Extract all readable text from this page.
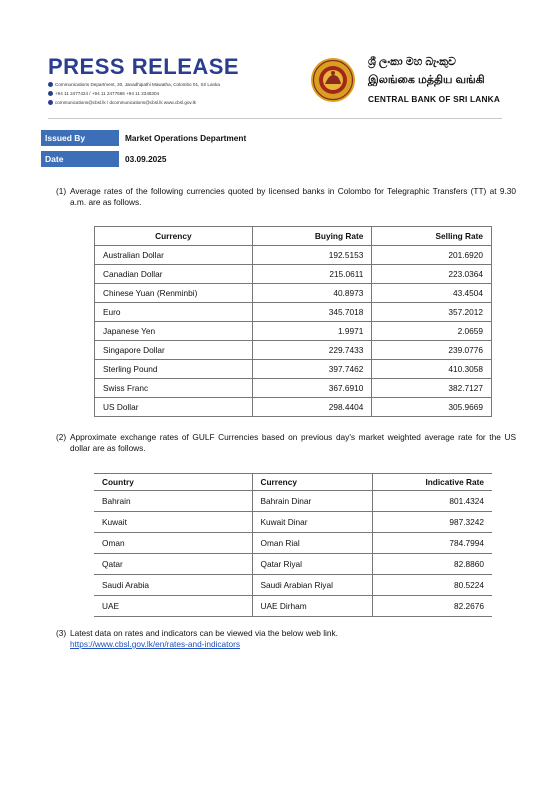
PRESS RELEASE
Communications Department, 30, Janadhipathi Mawatha, Colombo 01, Sri Lanka
+94 11 2477424 / +94 11 2477666 +94 11 2346304
communications@cbsl.lk / dcommunications@cbsl.lk www.cbsl.gov.lk
ශ්‍රී ලංකා මහ බැංකුව
இலங்கை மத்திய வங்கி
CENTRAL BANK OF SRI LANKA
Issued By	Market Operations Department
Date	03.09.2025
(1) Average rates of the following currencies quoted by licensed banks in Colombo for Telegraphic Transfers (TT) at 9.30 a.m. are as follows.
Currency	Buying Rate	Selling Rate
Australian Dollar	192.5153	201.6920
Canadian Dollar	215.0611	223.0364
Chinese Yuan (Renminbi)	40.8973	43.4504
Euro	345.7018	357.2012
Japanese Yen	1.9971	2.0659
Singapore Dollar	229.7433	239.0776
Sterling Pound	397.7462	410.3058
Swiss Franc	367.6910	382.7127
US Dollar	298.4404	305.9669
(2) Approximate exchange rates of GULF Currencies based on previous day's market weighted average rate for the US dollar are as follows.
Country	Currency	Indicative Rate
Bahrain	Bahrain Dinar	801.4324
Kuwait	Kuwait Dinar	987.3242
Oman	Oman Rial	784.7994
Qatar	Qatar Riyal	82.8860
Saudi Arabia	Saudi Arabian Riyal	80.5224
UAE	UAE Dirham	82.2676
(3) Latest data on rates and indicators can be viewed via the below web link.
https://www.cbsl.gov.lk/en/rates-and-indicators
